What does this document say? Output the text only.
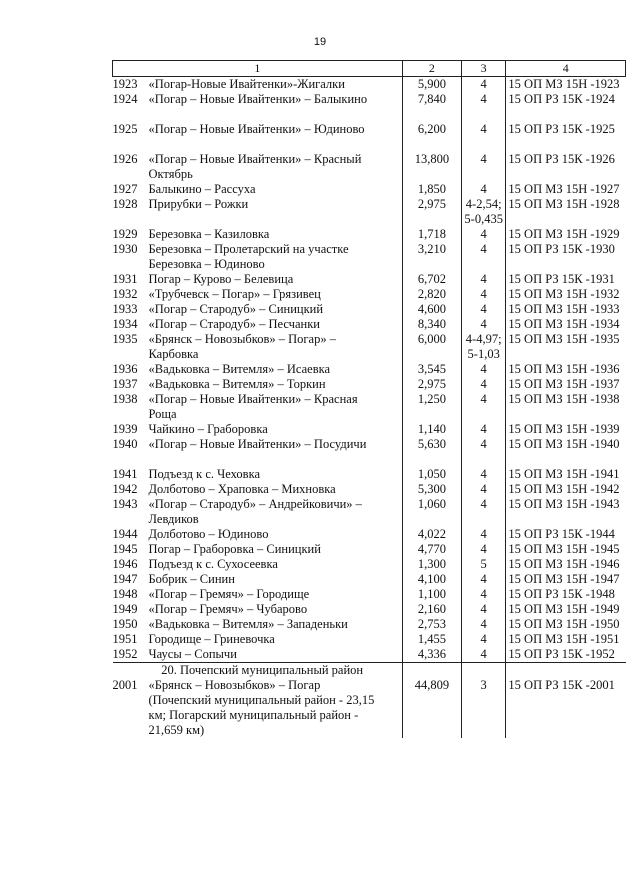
19
1	2	3	4
1923 «Погар-Новые Ивайтенки»-Жигалки	5,900	4	15 ОП МЗ 15Н -1923
1924 «Погар – Новые Ивайтенки» – Балыкино	7,840	4	15 ОП РЗ 15К -1924

1925 «Погар – Новые Ивайтенки» – Юдиново	6,200	4	15 ОП РЗ 15К -1925

1926 «Погар – Новые Ивайтенки» – Красный Октябрь	13,800	4	15 ОП РЗ 15К -1926
1927 Балыкино – Рассуха	1,850	4	15 ОП МЗ 15Н -1927
1928 Прирубки – Рожки	2,975	4-2,54; 5-0,435	15 ОП МЗ 15Н -1928
1929 Березовка – Казиловка	1,718	4	15 ОП МЗ 15Н -1929
1930 Березовка – Пролетарский на участке Березовка – Юдиново	3,210	4	15 ОП РЗ 15К -1930
1931 Погар – Курово – Белевица	6,702	4	15 ОП РЗ 15К -1931
1932 «Трубчевск – Погар» – Грязивец	2,820	4	15 ОП МЗ 15Н -1932
1933 «Погар – Стародуб» – Синицкий	4,600	4	15 ОП МЗ 15Н -1933
1934 «Погар – Стародуб» – Песчанки	8,340	4	15 ОП МЗ 15Н -1934
1935 «Брянск – Новозыбков» – Погар» – Карбовка	6,000	4-4,97; 5-1,03	15 ОП МЗ 15Н -1935
1936 «Вадьковка – Витемля» – Исаевка	3,545	4	15 ОП МЗ 15Н -1936
1937 «Вадьковка – Витемля» – Торкин	2,975	4	15 ОП МЗ 15Н -1937
1938 «Погар – Новые Ивайтенки» – Красная Роща	1,250	4	15 ОП МЗ 15Н -1938
1939 Чайкино – Граборовка	1,140	4	15 ОП МЗ 15Н -1939
1940 «Погар – Новые Ивайтенки» – Посудичи	5,630	4	15 ОП МЗ 15Н -1940

1941 Подъезд к с. Чеховка	1,050	4	15 ОП МЗ 15Н -1941
1942 Долботово – Храповка – Михновка	5,300	4	15 ОП МЗ 15Н -1942
1943 «Погар – Стародуб» – Андрейковичи» – Левдиков	1,060	4	15 ОП МЗ 15Н -1943
1944 Долботово – Юдиново	4,022	4	15 ОП РЗ 15К -1944
1945 Погар – Граборовка – Синицкий	4,770	4	15 ОП МЗ 15Н -1945
1946 Подъезд к с. Сухосеевка	1,300	5	15 ОП МЗ 15Н -1946
1947 Бобрик – Синин	4,100	4	15 ОП МЗ 15Н -1947
1948 «Погар – Гремяч» – Городище	1,100	4	15 ОП РЗ 15К -1948
1949 «Погар – Гремяч» – Чубарово	2,160	4	15 ОП МЗ 15Н -1949
1950 «Вадьковка – Витемля» – Западеньки	2,753	4	15 ОП МЗ 15Н -1950
1951 Городище – Гриневочка	1,455	4	15 ОП МЗ 15Н -1951
1952 Чаусы – Сопычи	4,336	4	15 ОП РЗ 15К -1952
20. Почепский муниципальный район			
2001 «Брянск – Новозыбков» – Погар (Почепский муниципальный район - 23,15 км; Погарский муниципальный район - 21,659 км)	44,809	3	15 ОП РЗ 15К -2001
